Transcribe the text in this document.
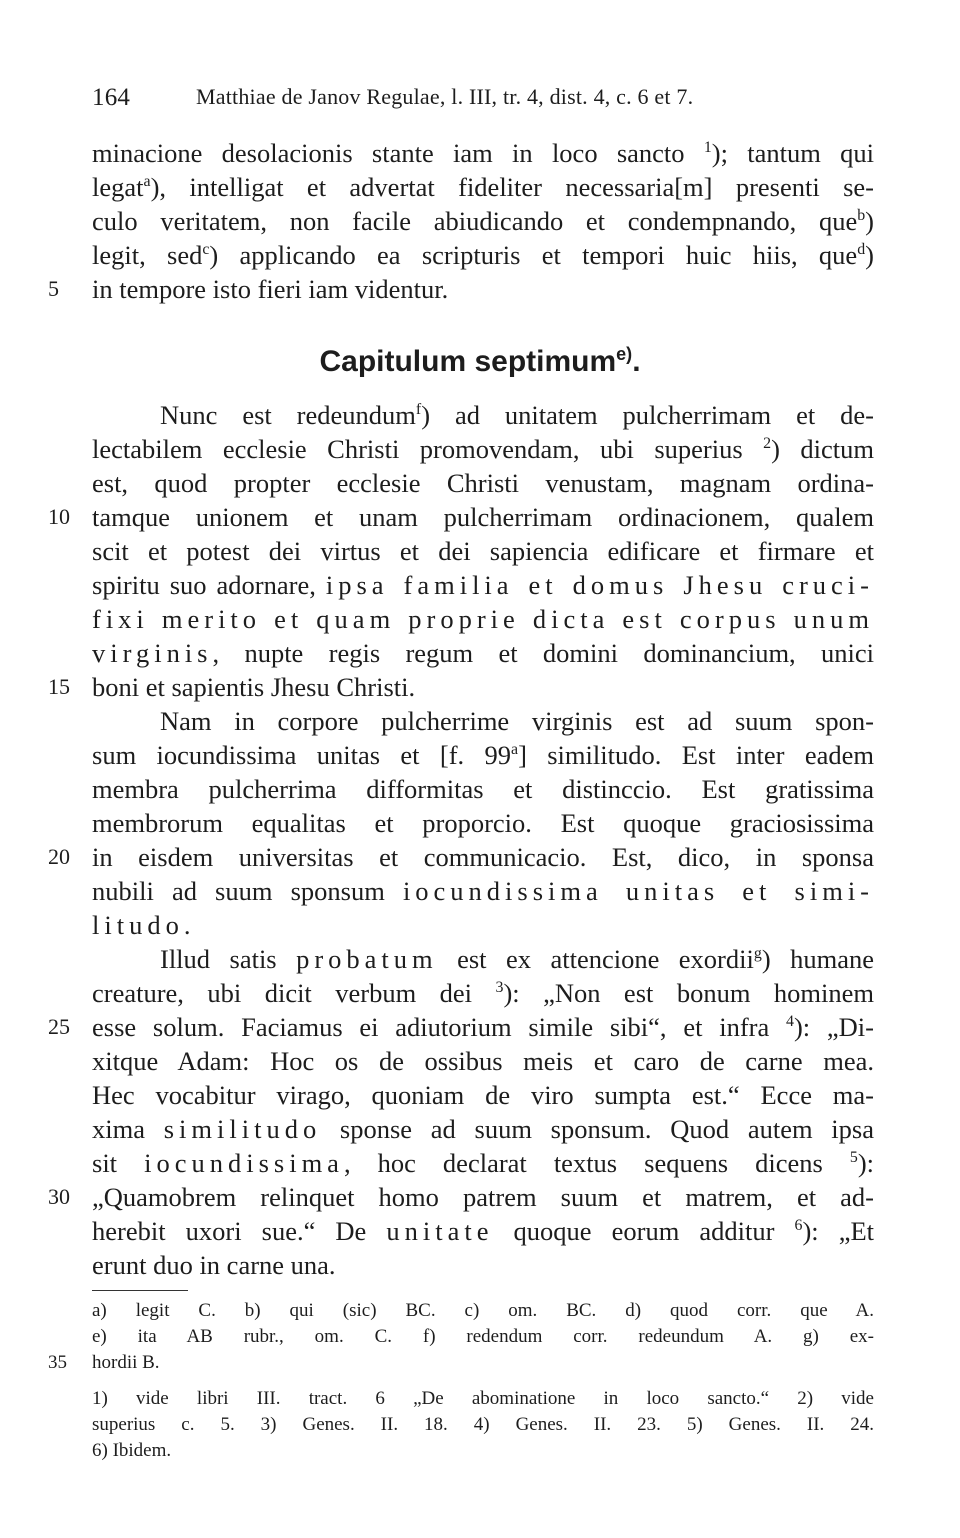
164	Matthiae de Janov Regulae, l. III, tr. 4, dist. 4, c. 6 et 7.
minacione desolacionis stante iam in loco sancto $^1$); tantum qui
legat$^a$), intelligat et advertat fideliter necessaria[m] presenti se-
culo veritatem, non facile abiudicando et condempnando, que$^b$)
legit, sed$^c$) applicando ea scripturis et tempori huic hiis, que$^d$)
5	in tempore isto fieri iam videntur.
Capitulum septimum$^{e)}$.
Nunc est redeundum$^f$) ad unitatem pulcherrimam et de-
lectabilem ecclesie Christi promovendam, ubi superius $^2$) dictum
est, quod propter ecclesie Christi venustam, magnam ordina-
10 tamque unionem et unam pulcherrimam ordinacionem, qualem
scit et potest dei virtus et dei sapiencia edificare et firmare et
spiritu suo adornare, ipsa familia et domus Jhesu cruci-
fixi merito et quam proprie dicta est corpus unum
virginis, nupte regis regum et domini dominancium, unici
15 boni et sapientis Jhesu Christi.
Nam in corpore pulcherrime virginis est ad suum spon-
sum iocundissima unitas et [f. 99$^a$] similitudo. Est inter eadem
membra pulcherrima difformitas et distinccio. Est gratissima
membrorum equalitas et proporcio. Est quoque graciosissima
20 in eisdem universitas et communicacio. Est, dico, in sponsa
nubili ad suum sponsum iocundissima unitas et simi-
litudo.
Illud satis probatum est ex attencione exordii$^g$) humane
creature, ubi dicit verbum dei $^3$): „Non est bonum hominem
25 esse solum. Faciamus ei adiutorium simile sibi“, et infra $^4$): „Di-
xitque Adam: Hoc os de ossibus meis et caro de carne mea.
Hec vocabitur virago, quoniam de viro sumpta est.“ Ecce ma-
xima similitudo sponse ad suum sponsum. Quod autem ipsa
sit iocundissima, hoc declarat textus sequens dicens $^5$):
30 „Quamobrem relinquet homo patrem suum et matrem, et ad-
herebit uxori sue.“ De unitate quoque eorum additur $^6$): „Et
erunt duo in carne una.
a) legit C. b) qui (sic) BC. c) om. BC. d) quod corr. que A.
e) ita AB rubr., om. C. f) redendum corr. redeundum A. g) ex-
35 hordii B.
1) vide libri III. tract. 6 „De abominatione in loco sancto.“ 2) vide
superius c. 5. 3) Genes. II. 18. 4) Genes. II. 23. 5) Genes. II. 24.
6) Ibidem.
